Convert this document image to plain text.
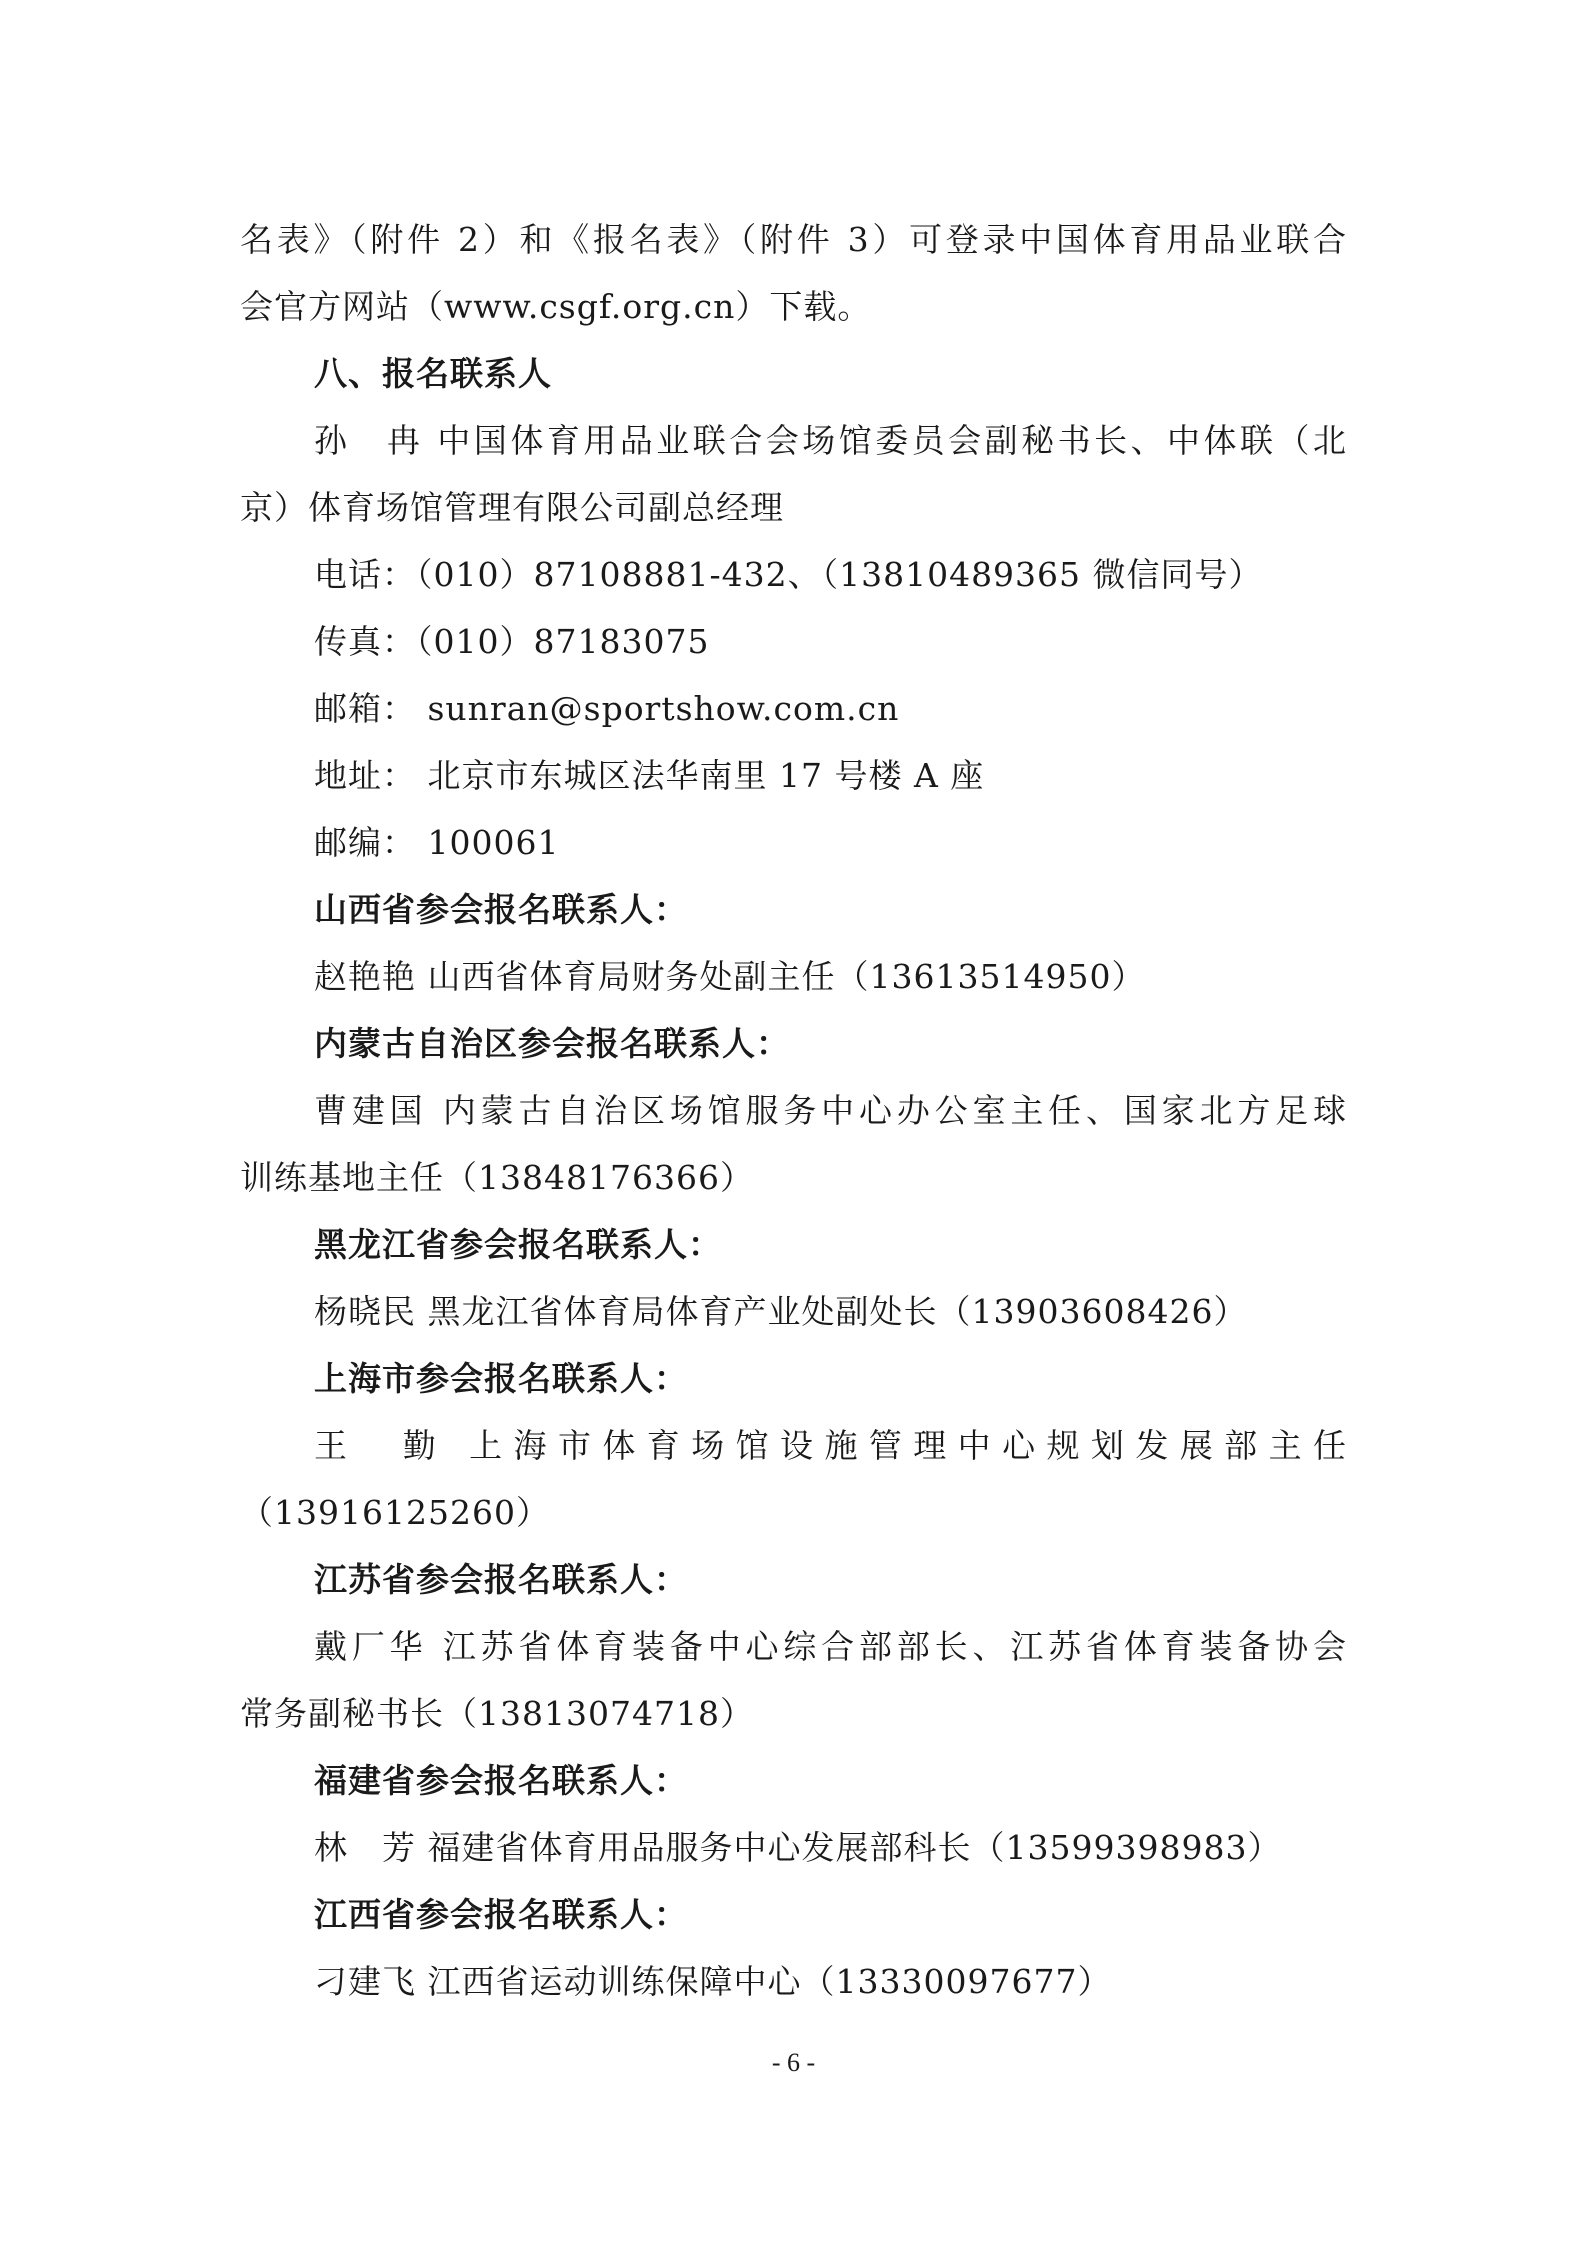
名表》（附件 2）和《报名表》（附件 3）可登录中国体育用品业联合
会官方网站（www.csgf.org.cn）下载。
八、报名联系人
孙　冉 中国体育用品业联合会场馆委员会副秘书长、中体联（北
京）体育场馆管理有限公司副总经理
电话：（010）87108881-432、（13810489365 微信同号）
传真：（010）87183075
邮箱： sunran@sportshow.com.cn
地址： 北京市东城区法华南里 17 号楼 A 座
邮编： 100061
山西省参会报名联系人：
赵艳艳 山西省体育局财务处副主任（13613514950）
内蒙古自治区参会报名联系人：
曹建国 内蒙古自治区场馆服务中心办公室主任、国家北方足球
训练基地主任（13848176366）
黑龙江省参会报名联系人：
杨晓民 黑龙江省体育局体育产业处副处长（13903608426）
上海市参会报名联系人：
王　勤 上海市体育场馆设施管理中心规划发展部主任
（13916125260）
江苏省参会报名联系人：
戴厂华 江苏省体育装备中心综合部部长、江苏省体育装备协会
常务副秘书长（13813074718）
福建省参会报名联系人：
林　芳 福建省体育用品服务中心发展部科长（13599398983）
江西省参会报名联系人：
刁建飞 江西省运动训练保障中心（13330097677）
- 6 -
